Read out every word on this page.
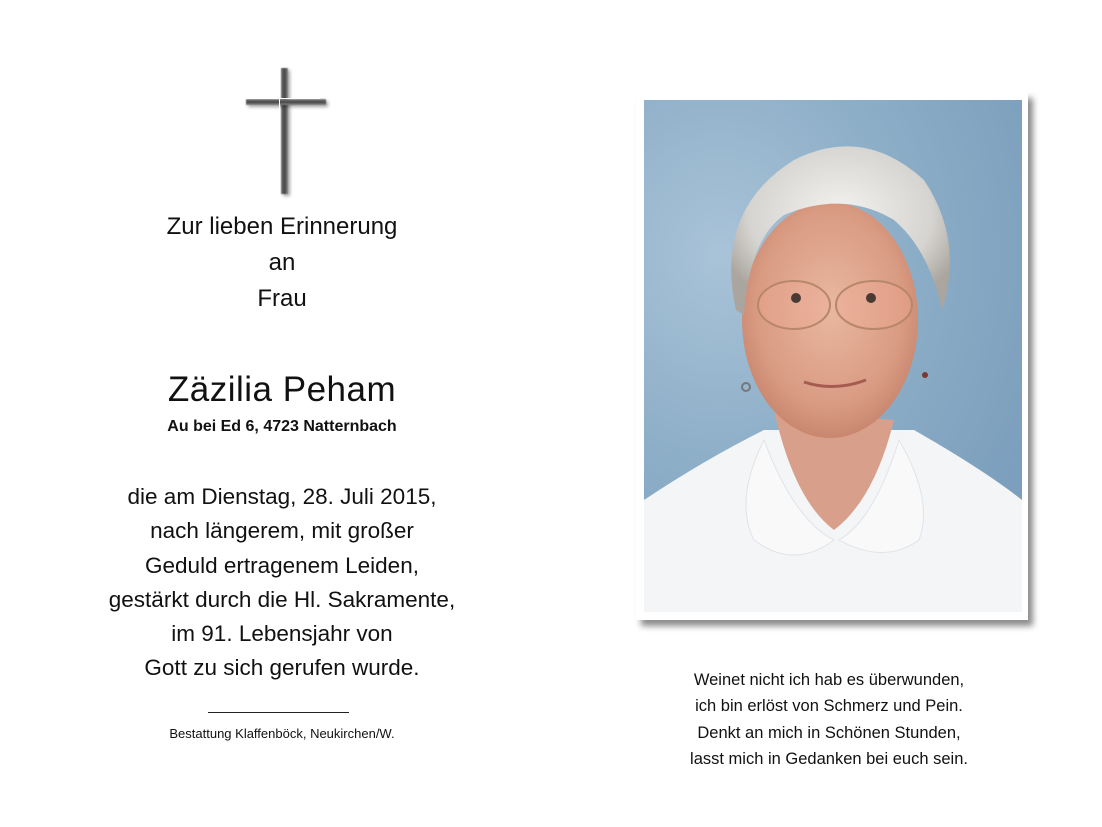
Zur lieben Erinnerung
an
Frau
Zäzilia Peham
Au bei Ed 6, 4723 Natternbach
die am Dienstag, 28. Juli 2015,
nach längerem, mit großer
Geduld ertragenem Leiden,
gestärkt durch die Hl. Sakramente,
im 91. Lebensjahr von
Gott zu sich gerufen wurde.
Bestattung Klaffenböck, Neukirchen/W.
Weinet nicht ich hab es überwunden,
ich bin erlöst von Schmerz und Pein.
Denkt an mich in Schönen Stunden,
lasst mich in Gedanken bei euch sein.
